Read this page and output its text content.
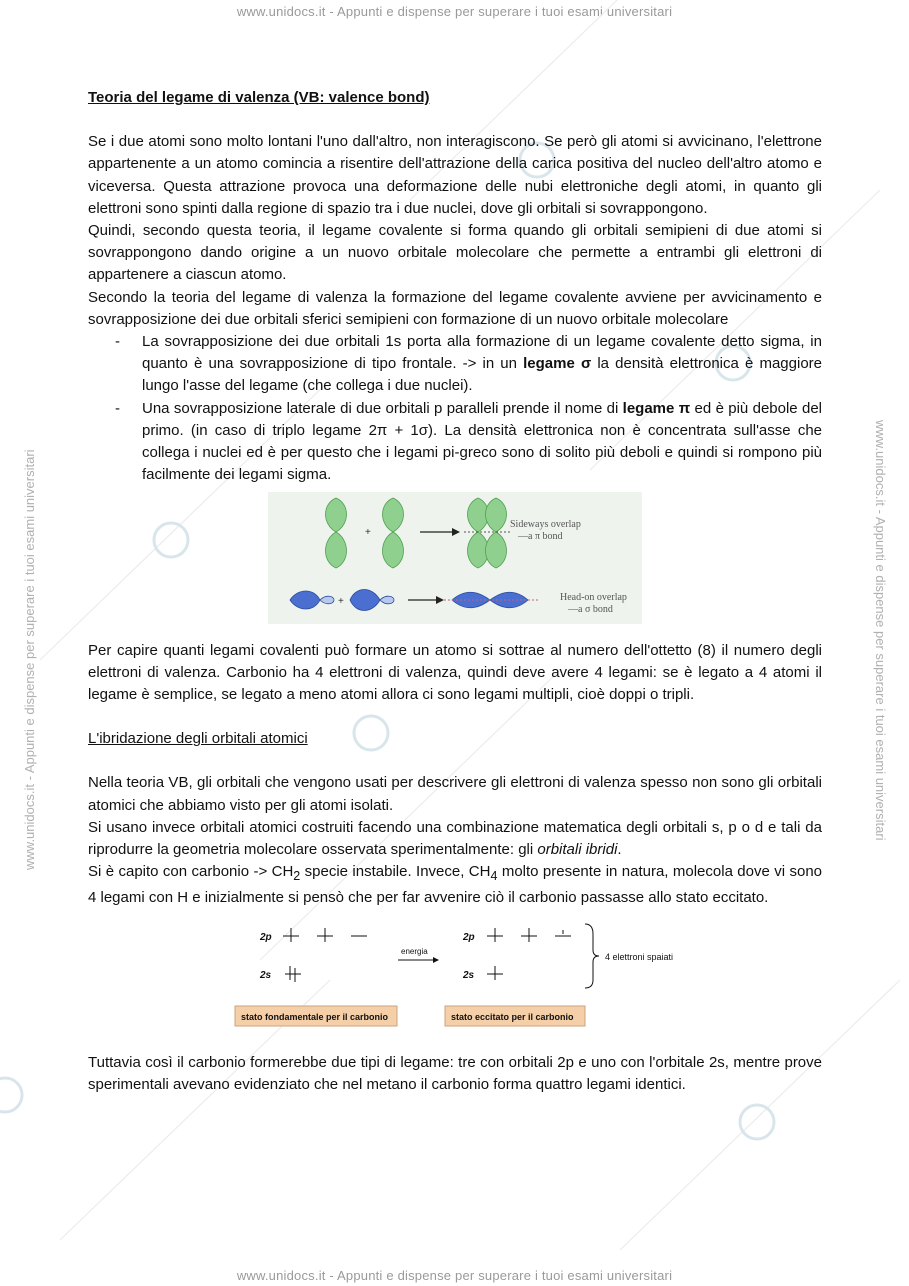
www.unidocs.it - Appunti e dispense per superare i tuoi esami universitari
www.unidocs.it - Appunti e dispense per superare i tuoi esami universitari	www.unidocs.it - Appunti e dispense per superare i tuoi esami universitari

Teoria del legame di valenza (VB: valence bond)

Se i due atomi sono molto lontani l'uno dall'altro, non interagiscono. Se però gli atomi si avvicinano, l'elettrone appartenente a un atomo comincia a risentire dell'attrazione della carica positiva del nucleo dell'altro atomo e viceversa. Questa attrazione provoca una deformazione delle nubi elettroniche degli atomi, in quanto gli elettroni sono spinti dalla regione di spazio tra i due nuclei, dove gli orbitali si sovrappongono.

Quindi, secondo questa teoria, il legame covalente si forma quando gli orbitali semipieni di due atomi si sovrappongono dando origine a un nuovo orbitale molecolare che permette a entrambi gli elettroni di appartenere a ciascun atomo.

Secondo la teoria del legame di valenza la formazione del legame covalente avviene per avvicinamento e sovrapposizione dei due orbitali sferici semipieni con formazione di un nuovo orbitale molecolare

- La sovrapposizione dei due orbitali 1s porta alla formazione di un legame covalente detto sigma, in quanto è una sovrapposizione di tipo frontale. -> in un legame σ la densità elettronica è maggiore lungo l'asse del legame (che collega i due nuclei).
- Una sovrapposizione laterale di due orbitali p paralleli prende il nome di legame π ed è più debole del primo. (in caso di triplo legame 2π + 1σ). La densità elettronica non è concentrata sull'asse che collega i nuclei ed è per questo che i legami pi-greco sono di solito più deboli e quindi si rompono più facilmente dei legami sigma.
+
Sideways overlap
—a π bond
+	Head-on overlap
—a σ bond

Per capire quanti legami covalenti può formare un atomo si sottrae al numero dell'ottetto (8) il numero degli elettroni di valenza. Carbonio ha 4 elettroni di valenza, quindi deve avere 4 legami: se è legato a 4 atomi il legame è semplice, se legato a meno atomi allora ci sono legami multipli, cioè doppi o tripli.

L'ibridazione degli orbitali atomici

Nella teoria VB, gli orbitali che vengono usati per descrivere gli elettroni di valenza spesso non sono gli orbitali atomici che abbiamo visto per gli atomi isolati.

Si usano invece orbitali atomici costruiti facendo una combinazione matematica degli orbitali s, p o d e tali da riprodurre la geometria molecolare osservata sperimentalmente: gli orbitali ibridi.

Si è capito con carbonio -> $CH_2$ specie instabile. Invece, $CH_4$ molto presente in natura, molecola dove vi sono 4 legami con H e inizialmente si pensò che per far avvenire ciò il carbonio passasse allo stato eccitato.

2p
2s
2p
2s
energia
4 elettroni spaiati
stato fondamentale per il carbonio	stato eccitato per il carbonio

Tuttavia così il carbonio formerebbe due tipi di legame: tre con orbitali 2p e uno con l'orbitale 2s, mentre prove sperimentali avevano evidenziato che nel metano il carbonio forma quattro legami identici.

www.unidocs.it - Appunti e dispense per superare i tuoi esami universitari
